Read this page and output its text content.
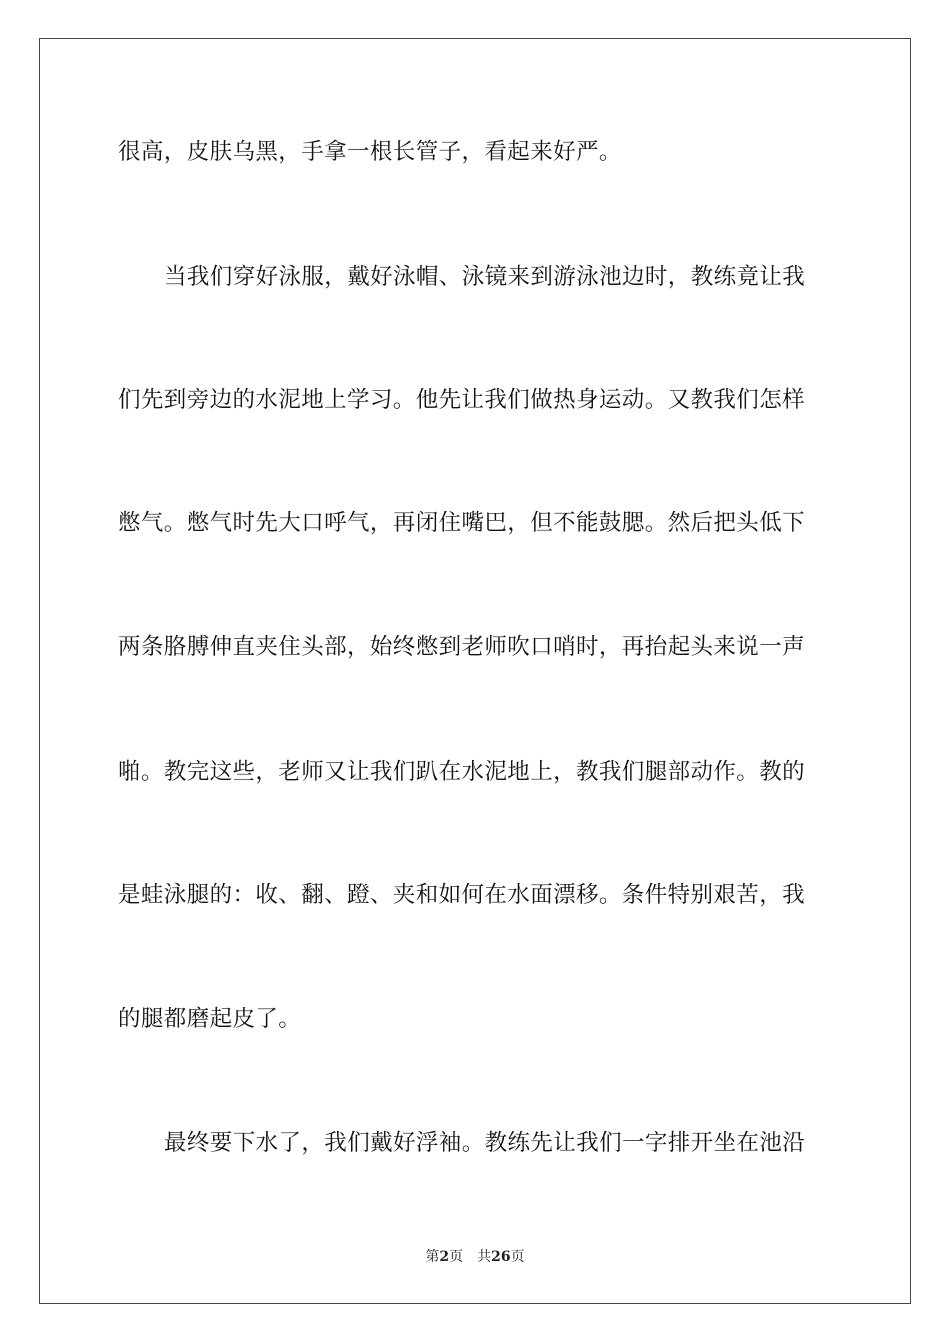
很高，皮肤乌黑，手拿一根长管子，看起来好严。
当我们穿好泳服，戴好泳帽、泳镜来到游泳池边时，教练竟让我
们先到旁边的水泥地上学习。他先让我们做热身运动。又教我们怎样
憋气。憋气时先大口呼气，再闭住嘴巴，但不能鼓腮。然后把头低下
两条胳膊伸直夹住头部，始终憋到老师吹口哨时，再抬起头来说一声
啪。教完这些，老师又让我们趴在水泥地上，教我们腿部动作。教的
是蛙泳腿的：收、翻、蹬、夹和如何在水面漂移。条件特别艰苦，我
的腿都磨起皮了。
最终要下水了，我们戴好浮袖。教练先让我们一字排开坐在池沿
第2页 共26页
